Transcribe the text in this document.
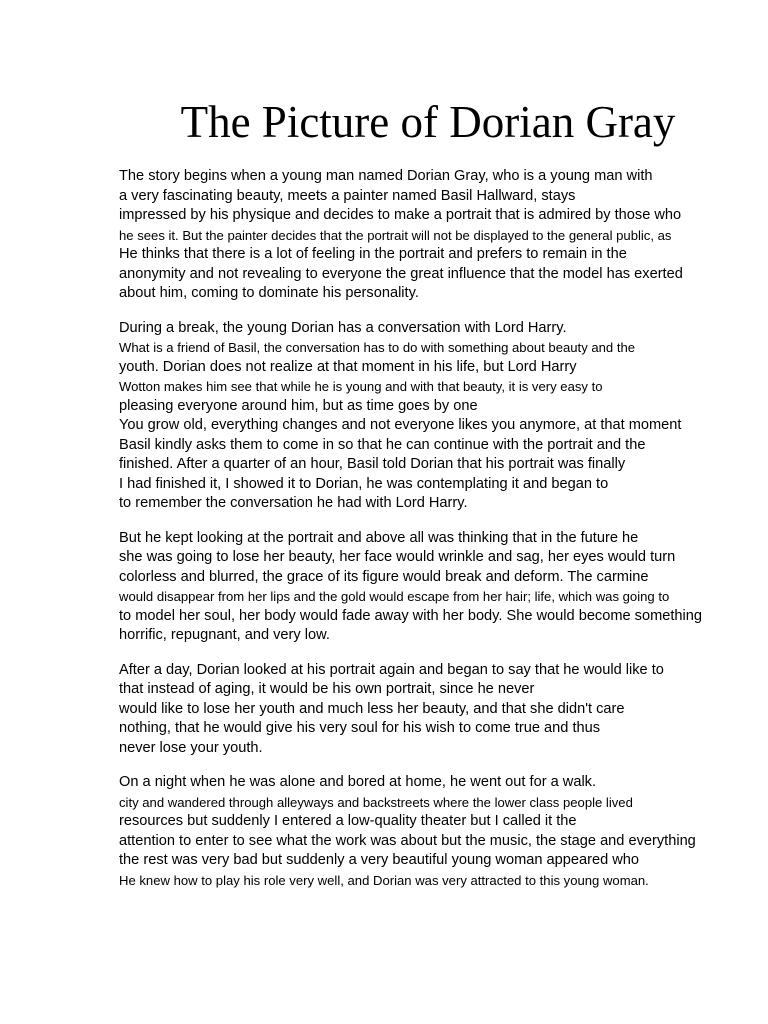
The Picture of Dorian Gray
The story begins when a young man named Dorian Gray, who is a young man with
a very fascinating beauty, meets a painter named Basil Hallward, stays
impressed by his physique and decides to make a portrait that is admired by those who
he sees it. But the painter decides that the portrait will not be displayed to the general public, as
He thinks that there is a lot of feeling in the portrait and prefers to remain in the
anonymity and not revealing to everyone the great influence that the model has exerted
about him, coming to dominate his personality.
During a break, the young Dorian has a conversation with Lord Harry.
What is a friend of Basil, the conversation has to do with something about beauty and the
youth. Dorian does not realize at that moment in his life, but Lord Harry
Wotton makes him see that while he is young and with that beauty, it is very easy to
pleasing everyone around him, but as time goes by one
You grow old, everything changes and not everyone likes you anymore, at that moment
Basil kindly asks them to come in so that he can continue with the portrait and the
finished. After a quarter of an hour, Basil told Dorian that his portrait was finally
I had finished it, I showed it to Dorian, he was contemplating it and began to
to remember the conversation he had with Lord Harry.
But he kept looking at the portrait and above all was thinking that in the future he
she was going to lose her beauty, her face would wrinkle and sag, her eyes would turn
colorless and blurred, the grace of its figure would break and deform. The carmine
would disappear from her lips and the gold would escape from her hair; life, which was going to
to model her soul, her body would fade away with her body. She would become something
horrific, repugnant, and very low.
After a day, Dorian looked at his portrait again and began to say that he would like to
that instead of aging, it would be his own portrait, since he never
would like to lose her youth and much less her beauty, and that she didn't care
nothing, that he would give his very soul for his wish to come true and thus
never lose your youth.
On a night when he was alone and bored at home, he went out for a walk.
city and wandered through alleyways and backstreets where the lower class people lived
resources but suddenly I entered a low-quality theater but I called it the
attention to enter to see what the work was about but the music, the stage and everything
the rest was very bad but suddenly a very beautiful young woman appeared who
He knew how to play his role very well, and Dorian was very attracted to this young woman.
